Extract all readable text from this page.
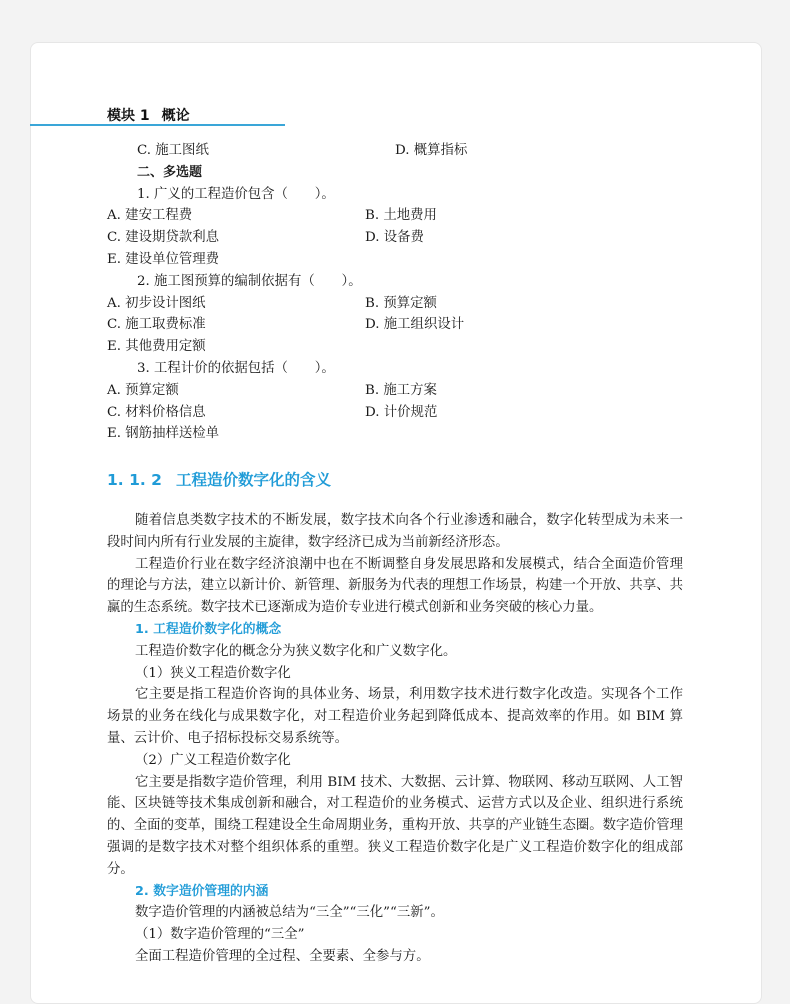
模块 1 概论
C. 施工图纸	D. 概算指标
二、多选题
1. 广义的工程造价包含（　　）。
A. 建安工程费	B. 土地费用
C. 建设期贷款利息	D. 设备费
E. 建设单位管理费
2. 施工图预算的编制依据有（　　）。
A. 初步设计图纸	B. 预算定额
C. 施工取费标准	D. 施工组织设计
E. 其他费用定额
3. 工程计价的依据包括（　　）。
A. 预算定额	B. 施工方案
C. 材料价格信息	D. 计价规范
E. 钢筋抽样送检单
1. 1. 2 工程造价数字化的含义

随着信息类数字技术的不断发展，数字技术向各个行业渗透和融合，数字化转型成为未来一段时间内所有行业发展的主旋律，数字经济已成为当前新经济形态。

工程造价行业在数字经济浪潮中也在不断调整自身发展思路和发展模式，结合全面造价管理的理论与方法，建立以新计价、新管理、新服务为代表的理想工作场景，构建一个开放、共享、共赢的生态系统。数字技术已逐渐成为造价专业进行模式创新和业务突破的核心力量。

1. 工程造价数字化的概念

工程造价数字化的概念分为狭义数字化和广义数字化。

（1）狭义工程造价数字化

它主要是指工程造价咨询的具体业务、场景，利用数字技术进行数字化改造。实现各个工作场景的业务在线化与成果数字化，对工程造价业务起到降低成本、提高效率的作用。如 BIM 算量、云计价、电子招标投标交易系统等。

（2）广义工程造价数字化

它主要是指数字造价管理，利用 BIM 技术、大数据、云计算、物联网、移动互联网、人工智能、区块链等技术集成创新和融合，对工程造价的业务模式、运营方式以及企业、组织进行系统的、全面的变革，围绕工程建设全生命周期业务，重构开放、共享的产业链生态圈。数字造价管理强调的是数字技术对整个组织体系的重塑。狭义工程造价数字化是广义工程造价数字化的组成部分。

2. 数字造价管理的内涵

数字造价管理的内涵被总结为“三全”“三化”“三新”。

（1）数字造价管理的“三全”

全面工程造价管理的全过程、全要素、全参与方。
